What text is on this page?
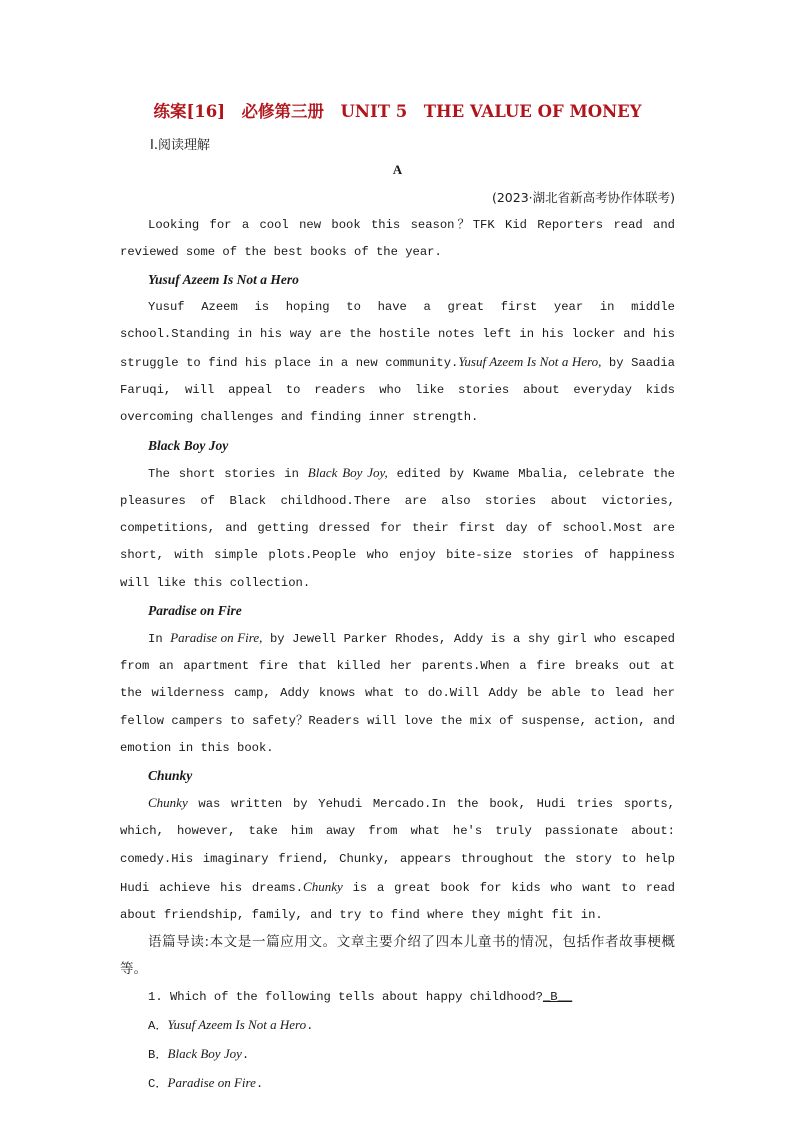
练案[16]　必修第三册　UNIT 5　THE VALUE OF MONEY
Ⅰ.阅读理解
A
(2023·湖北省新高考协作体联考)

Looking for a cool new book this season？TFK Kid Reporters read and reviewed some of the best books of the year.

Yusuf Azeem Is Not a Hero

Yusuf Azeem is hoping to have a great first year in middle school.Standing in his way are the hostile notes left in his locker and his struggle to find his place in a new community.Yusuf Azeem Is Not a Hero, by Saadia Faruqi, will appeal to readers who like stories about everyday kids overcoming challenges and finding inner strength.

Black Boy Joy

The short stories in Black Boy Joy, edited by Kwame Mbalia, celebrate the pleasures of Black childhood.There are also stories about victories, competitions, and getting dressed for their first day of school.Most are short, with simple plots.People who enjoy bite-size stories of happiness will like this collection.

Paradise on Fire

In Paradise on Fire, by Jewell Parker Rhodes, Addy is a shy girl who escaped from an apartment fire that killed her parents.When a fire breaks out at the wilderness camp, Addy knows what to do.Will Addy be able to lead her fellow campers to safety？Readers will love the mix of suspense, action, and emotion in this book.

Chunky

Chunky was written by Yehudi Mercado.In the book, Hudi tries sports, which, however, take him away from what he's truly passionate about: comedy.His imaginary friend, Chunky, appears throughout the story to help Hudi achieve his dreams.Chunky is a great book for kids who want to read about friendship, family, and try to find where they might fit in.

语篇导读:本文是一篇应用文。文章主要介绍了四本儿童书的情况，包括作者故事梗概等。

1. Which of the following tells about happy childhood?_B__

A．Yusuf Azeem Is Not a Hero.

B．Black Boy Joy.

C．Paradise on Fire.
